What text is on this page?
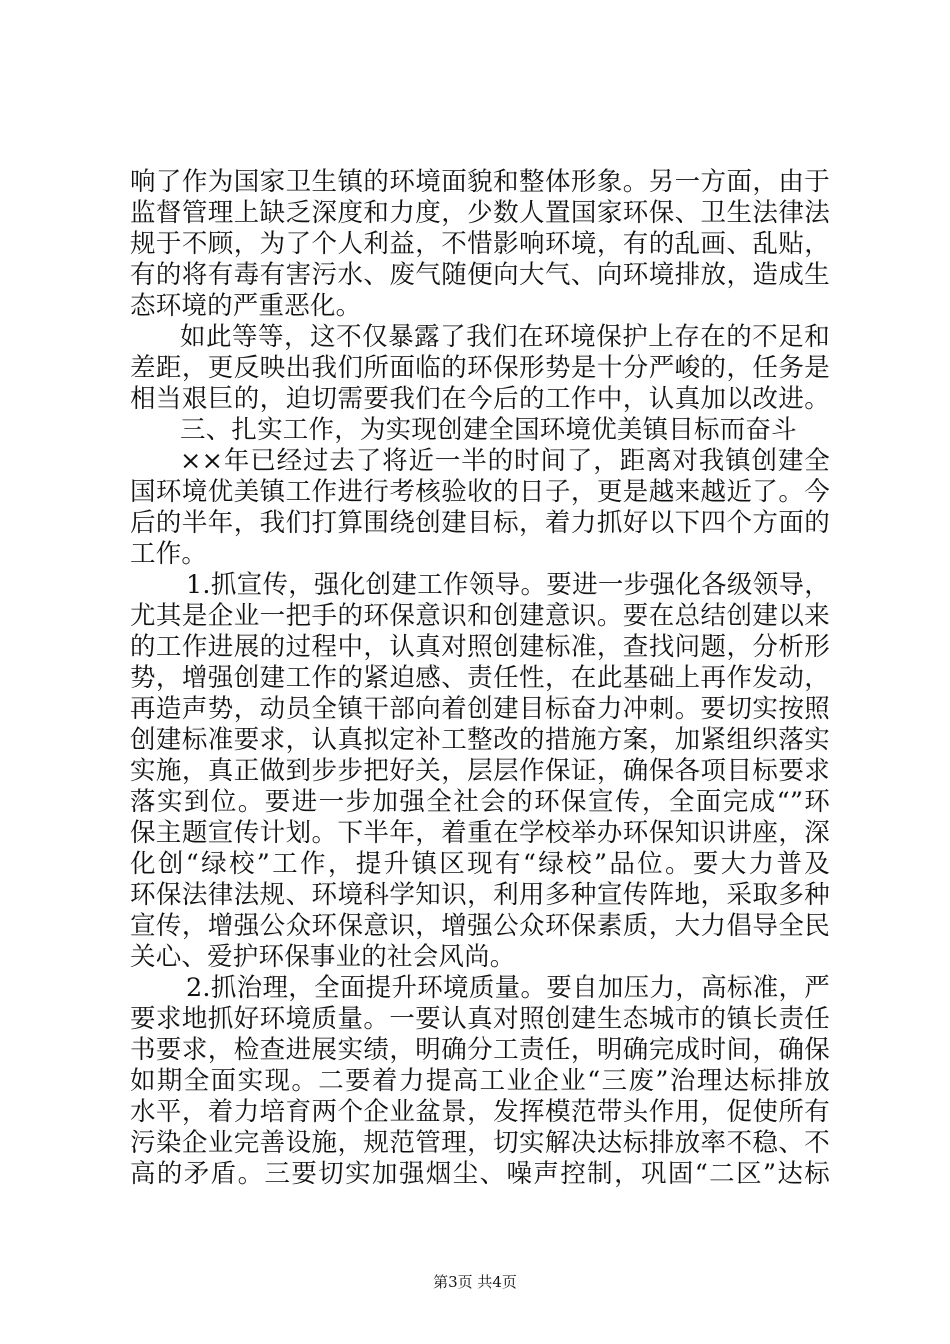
响了作为国家卫生镇的环境面貌和整体形象。另一方面，由于
监督管理上缺乏深度和力度，少数人置国家环保、卫生法律法
规于不顾，为了个人利益，不惜影响环境，有的乱画、乱贴，
有的将有毒有害污水、废气随便向大气、向环境排放，造成生
态环境的严重恶化。
如此等等，这不仅暴露了我们在环境保护上存在的不足和
差距，更反映出我们所面临的环保形势是十分严峻的，任务是
相当艰巨的，迫切需要我们在今后的工作中，认真加以改进。
三、扎实工作，为实现创建全国环境优美镇目标而奋斗
××年已经过去了将近一半的时间了，距离对我镇创建全
国环境优美镇工作进行考核验收的日子，更是越来越近了。今
后的半年，我们打算围绕创建目标，着力抓好以下四个方面的
工作。
1.抓宣传，强化创建工作领导。要进一步强化各级领导，
尤其是企业一把手的环保意识和创建意识。要在总结创建以来
的工作进展的过程中，认真对照创建标准，查找问题，分析形
势，增强创建工作的紧迫感、责任性，在此基础上再作发动，
再造声势，动员全镇干部向着创建目标奋力冲刺。要切实按照
创建标准要求，认真拟定补工整改的措施方案，加紧组织落实
实施，真正做到步步把好关，层层作保证，确保各项目标要求
落实到位。要进一步加强全社会的环保宣传，全面完成“”环
保主题宣传计划。下半年，着重在学校举办环保知识讲座，深
化创“绿校”工作，提升镇区现有“绿校”品位。要大力普及
环保法律法规、环境科学知识，利用多种宣传阵地，采取多种
宣传，增强公众环保意识，增强公众环保素质，大力倡导全民
关心、爱护环保事业的社会风尚。
2.抓治理，全面提升环境质量。要自加压力，高标准，严
要求地抓好环境质量。一要认真对照创建生态城市的镇长责任
书要求，检查进展实绩，明确分工责任，明确完成时间，确保
如期全面实现。二要着力提高工业企业“三废”治理达标排放
水平，着力培育两个企业盆景，发挥模范带头作用，促使所有
污染企业完善设施，规范管理，切实解决达标排放率不稳、不
高的矛盾。三要切实加强烟尘、噪声控制，巩固“二区”达标
第3页 共4页
